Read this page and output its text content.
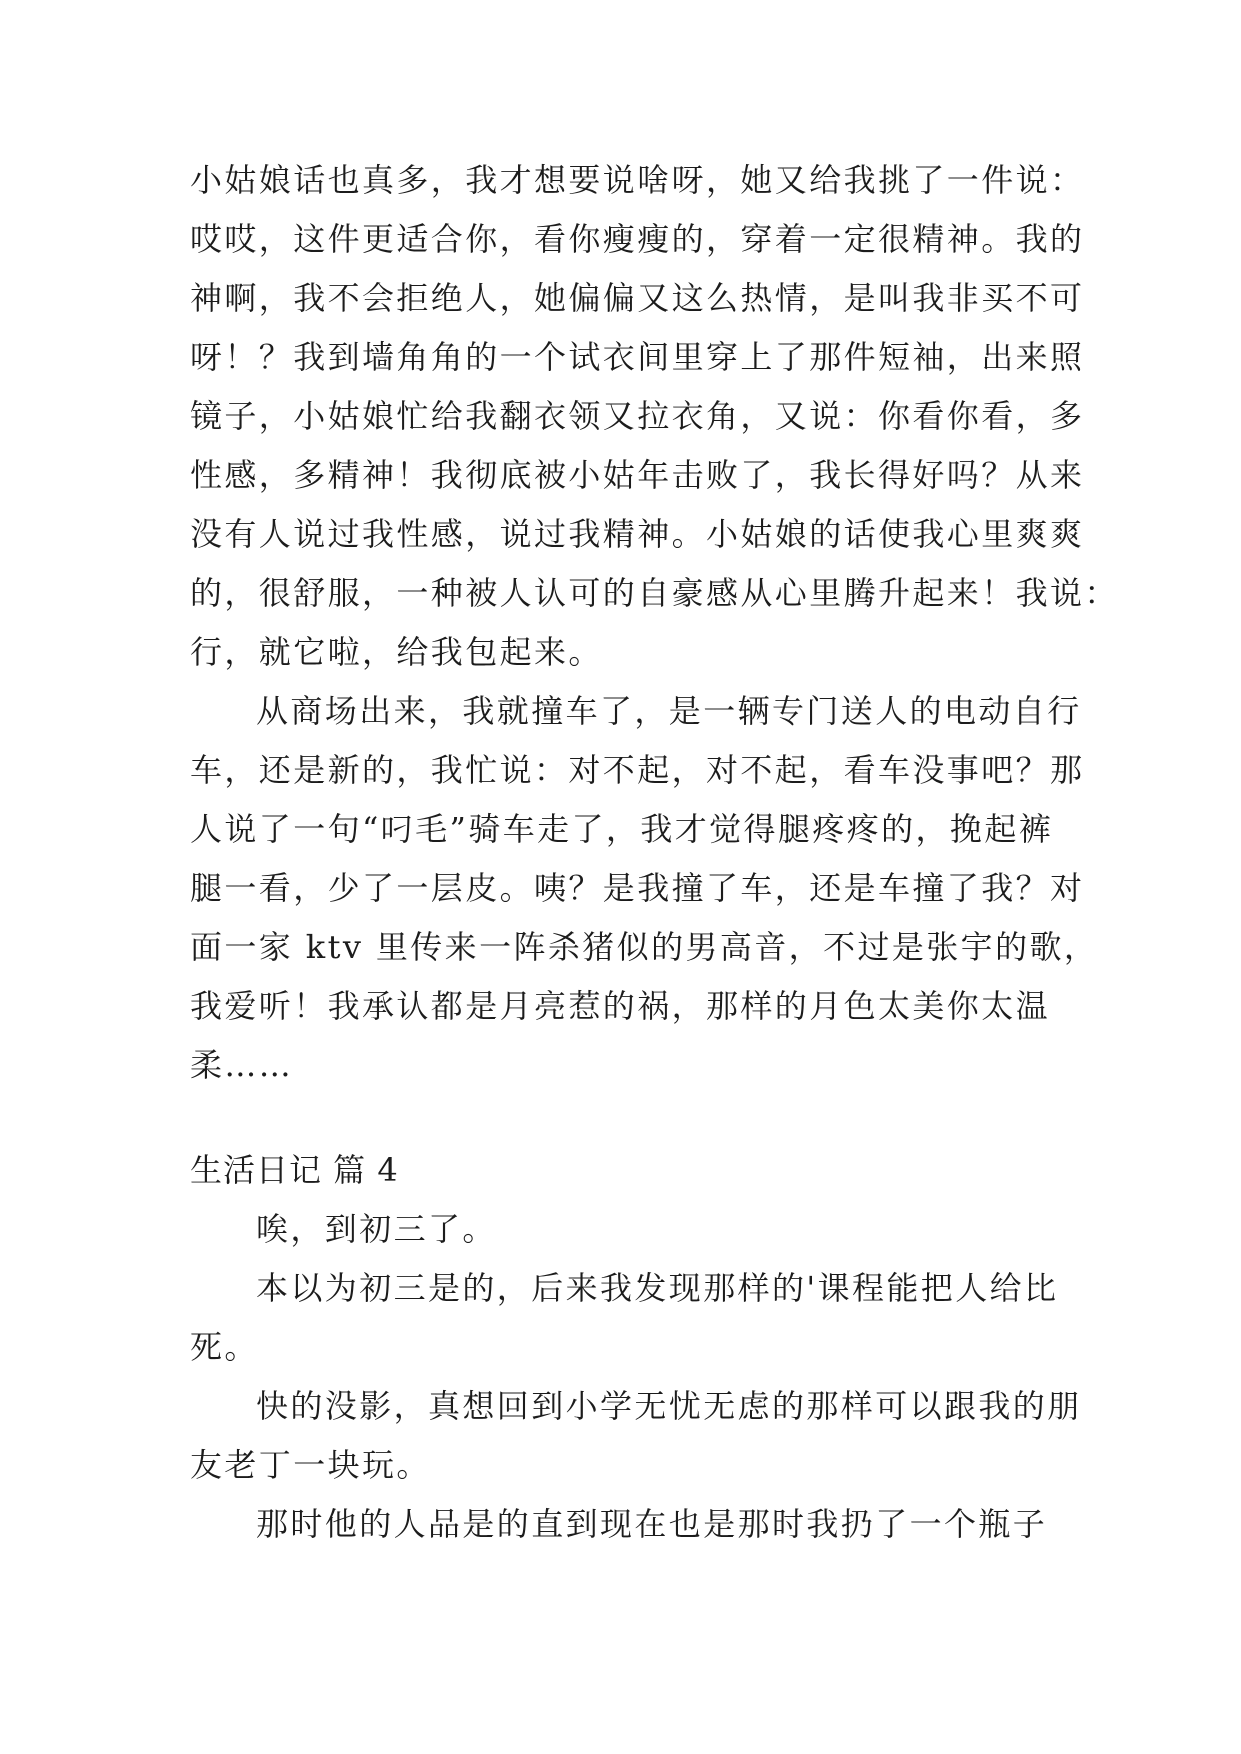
小姑娘话也真多，我才想要说啥呀，她又给我挑了一件说：

哎哎，这件更适合你，看你瘦瘦的，穿着一定很精神。我的

神啊，我不会拒绝人，她偏偏又这么热情，是叫我非买不可

呀！？我到墙角角的一个试衣间里穿上了那件短袖，出来照

镜子，小姑娘忙给我翻衣领又拉衣角，又说：你看你看，多

性感，多精神！我彻底被小姑年击败了，我长得好吗？从来

没有人说过我性感，说过我精神。小姑娘的话使我心里爽爽

的，很舒服，一种被人认可的自豪感从心里腾升起来！我说：

行，就它啦，给我包起来。

从商场出来，我就撞车了，是一辆专门送人的电动自行

车，还是新的，我忙说：对不起，对不起，看车没事吧？那

人说了一句“叼毛”骑车走了，我才觉得腿疼疼的，挽起裤

腿一看，少了一层皮。咦？是我撞了车，还是车撞了我？对

面一家 ktv 里传来一阵杀猪似的男高音，不过是张宇的歌，

我爱听！我承认都是月亮惹的祸，那样的月色太美你太温

柔……

生活日记 篇 4

唉，到初三了。

本以为初三是的，后来我发现那样的'课程能把人给比

死。

快的没影，真想回到小学无忧无虑的那样可以跟我的朋

友老丁一块玩。

那时他的人品是的直到现在也是那时我扔了一个瓶子
